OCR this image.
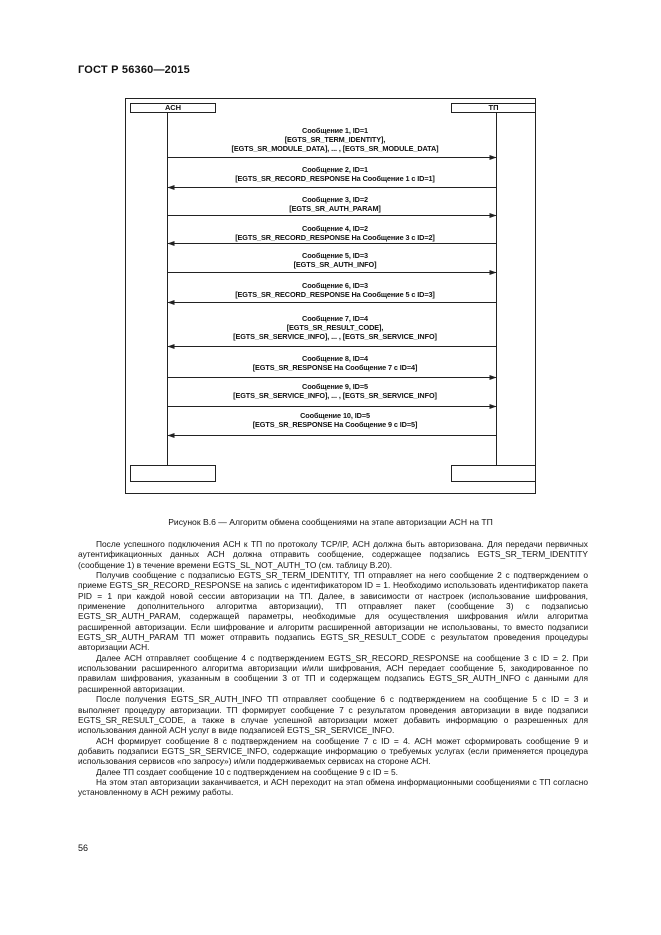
ГОСТ Р 56360—2015
АСН	ТП
Сообщение 1, ID=1
[EGTS_SR_TERM_IDENTITY],
[EGTS_SR_MODULE_DATA], ... , [EGTS_SR_MODULE_DATA]
Сообщение 2, ID=1
[EGTS_SR_RECORD_RESPONSE На Сообщение 1 с ID=1]
Сообщение 3, ID=2
[EGTS_SR_AUTH_PARAM]
Сообщение 4, ID=2
[EGTS_SR_RECORD_RESPONSE На Сообщение 3 с ID=2]
Сообщение 5, ID=3
[EGTS_SR_AUTH_INFO]
Сообщение 6, ID=3
[EGTS_SR_RECORD_RESPONSE На Сообщение 5 с ID=3]
Сообщение 7, ID=4
[EGTS_SR_RESULT_CODE],
[EGTS_SR_SERVICE_INFO], ... , [EGTS_SR_SERVICE_INFO]
Сообщение 8, ID=4
[EGTS_SR_RESPONSE На Сообщение 7 с ID=4]
Сообщение 9, ID=5
[EGTS_SR_SERVICE_INFO], ... , [EGTS_SR_SERVICE_INFO]
Сообщение 10, ID=5
[EGTS_SR_RESPONSE На Сообщение 9 с ID=5]
Рисунок В.6 — Алгоритм обмена сообщениями на этапе авторизации АСН на ТП

После успешного подключения АСН к ТП по протоколу TCP/IP, АСН должна быть авторизована. Для передачи первичных аутентификационных данных АСН должна отправить сообщение, содержащее подзапись EGTS_SR_TERM_IDENTITY (сообщение 1) в течение времени EGTS_SL_NOT_AUTH_TO (см. таблицу В.20).

Получив сообщение с подзаписью EGTS_SR_TERM_IDENTITY, ТП отправляет на него сообщение 2 с подтверждением о приеме EGTS_SR_RECORD_RESPONSE на запись с идентификатором ID = 1. Необходимо использовать идентификатор пакета PID = 1 при каждой новой сессии авторизации на ТП. Далее, в зависимости от настроек (использование шифрования, применение дополнительного алгоритма авторизации), ТП отправляет пакет (сообщение 3) с подзаписью EGTS_SR_AUTH_PARAM, содержащей параметры, необходимые для осуществления шифрования и/или алгоритма расширенной авторизации. Если шифрование и алгоритм расширенной авторизации не использованы, то вместо подзаписи EGTS_SR_AUTH_PARAM ТП может отправить подзапись EGTS_SR_RESULT_CODE с результатом проведения процедуры авторизации АСН.

Далее АСН отправляет сообщение 4 с подтверждением EGTS_SR_RECORD_RESPONSE на сообщение 3 с ID = 2. При использовании расширенного алгоритма авторизации и/или шифрования, АСН передает сообщение 5, закодированное по правилам шифрования, указанным в сообщении 3 от ТП и содержащем подзапись EGTS_SR_AUTH_INFO с данными для расширенной авторизации.

После получения EGTS_SR_AUTH_INFO ТП отправляет сообщение 6 с подтверждением на сообщение 5 с ID = 3 и выполняет процедуру авторизации. ТП формирует сообщение 7 с результатом проведения авторизации в виде подзаписи EGTS_SR_RESULT_CODE, а также в случае успешной авторизации может добавить информацию о разрешенных для использования данной АСН услуг в виде подзаписей EGTS_SR_SERVICE_INFO.

АСН формирует сообщение 8 с подтверждением на сообщение 7 с ID = 4. АСН может сформировать сообщение 9 и добавить подзаписи EGTS_SR_SERVICE_INFO, содержащие информацию о требуемых услугах (если применяется процедура использования сервисов «по запросу») и/или поддерживаемых сервисах на стороне АСН.

Далее ТП создает сообщение 10 с подтверждением на сообщение 9 с ID = 5.

На этом этап авторизации заканчивается, и АСН переходит на этап обмена информационными сообщениями с ТП согласно установленному в АСН режиму работы.

56
